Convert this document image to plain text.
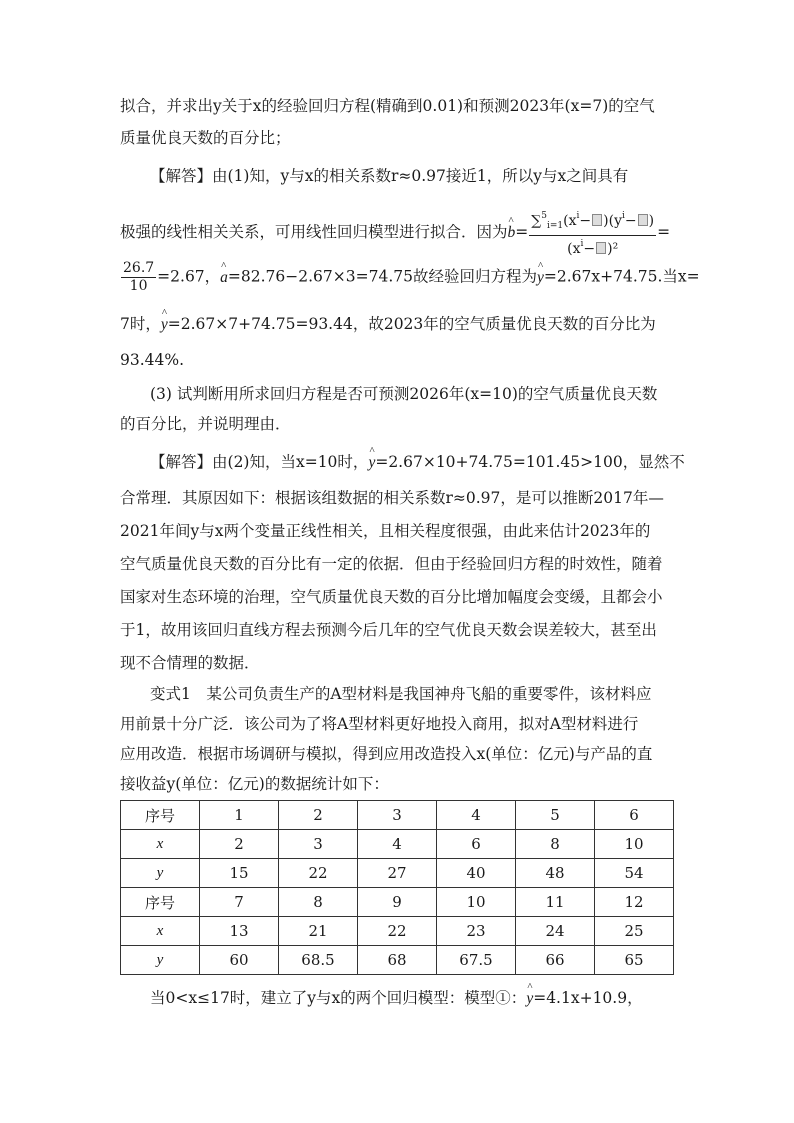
拟合，并求出y关于x的经验回归方程(精确到0.01)和预测2023年(x=7)的空气
质量优良天数的百分比；
【解答】由(1)知，y与x的相关系数r≈0.97接近1，所以y与x之间具有
极强的线性相关关系，可用线性回归模型进行拟合．因为^ $b= \frac{\sum^5_{i=1}(x^i- )(y^i- )}{(x^i- )^2}$ =
$\frac{26.7}{10} =2.67$，^ a=82.76−2.67×3=74.75故经验回归方程为^ y=2.67x+74.75.当x=
7时，^ y=2.67×7+74.75=93.44，故2023年的空气质量优良天数的百分比为
93.44%.
(3) 试判断用所求回归方程是否可预测2026年(x=10)的空气质量优良天数
的百分比，并说明理由．
【解答】由(2)知，当x=10时，^ y=2.67×10+74.75=101.45>100，显然不
合常理．其原因如下：根据该组数据的相关系数r≈0.97，是可以推断2017年—
2021年间y与x两个变量正线性相关，且相关程度很强，由此来估计2023年的
空气质量优良天数的百分比有一定的依据．但由于经验回归方程的时效性，随着
国家对生态环境的治理，空气质量优良天数的百分比增加幅度会变缓，且都会小
于1，故用该回归直线方程去预测今后几年的空气优良天数会误差较大，甚至出
现不合情理的数据．
变式1　某公司负责生产的A型材料是我国神舟飞船的重要零件，该材料应
用前景十分广泛．该公司为了将A型材料更好地投入商用，拟对A型材料进行
应用改造．根据市场调研与模拟，得到应用改造投入x(单位：亿元)与产品的直
接收益y(单位：亿元)的数据统计如下：
序号	1	2	3	4	5	6
x	2	3	4	6	8	10
y	15	22	27	40	48	54
序号	7	8	9	10	11	12
x	13	21	22	23	24	25
y	60	68.5	68	67.5	66	65
当0<x≤17时，建立了y与x的两个回归模型：模型①：^ y=4.1x+10.9，
